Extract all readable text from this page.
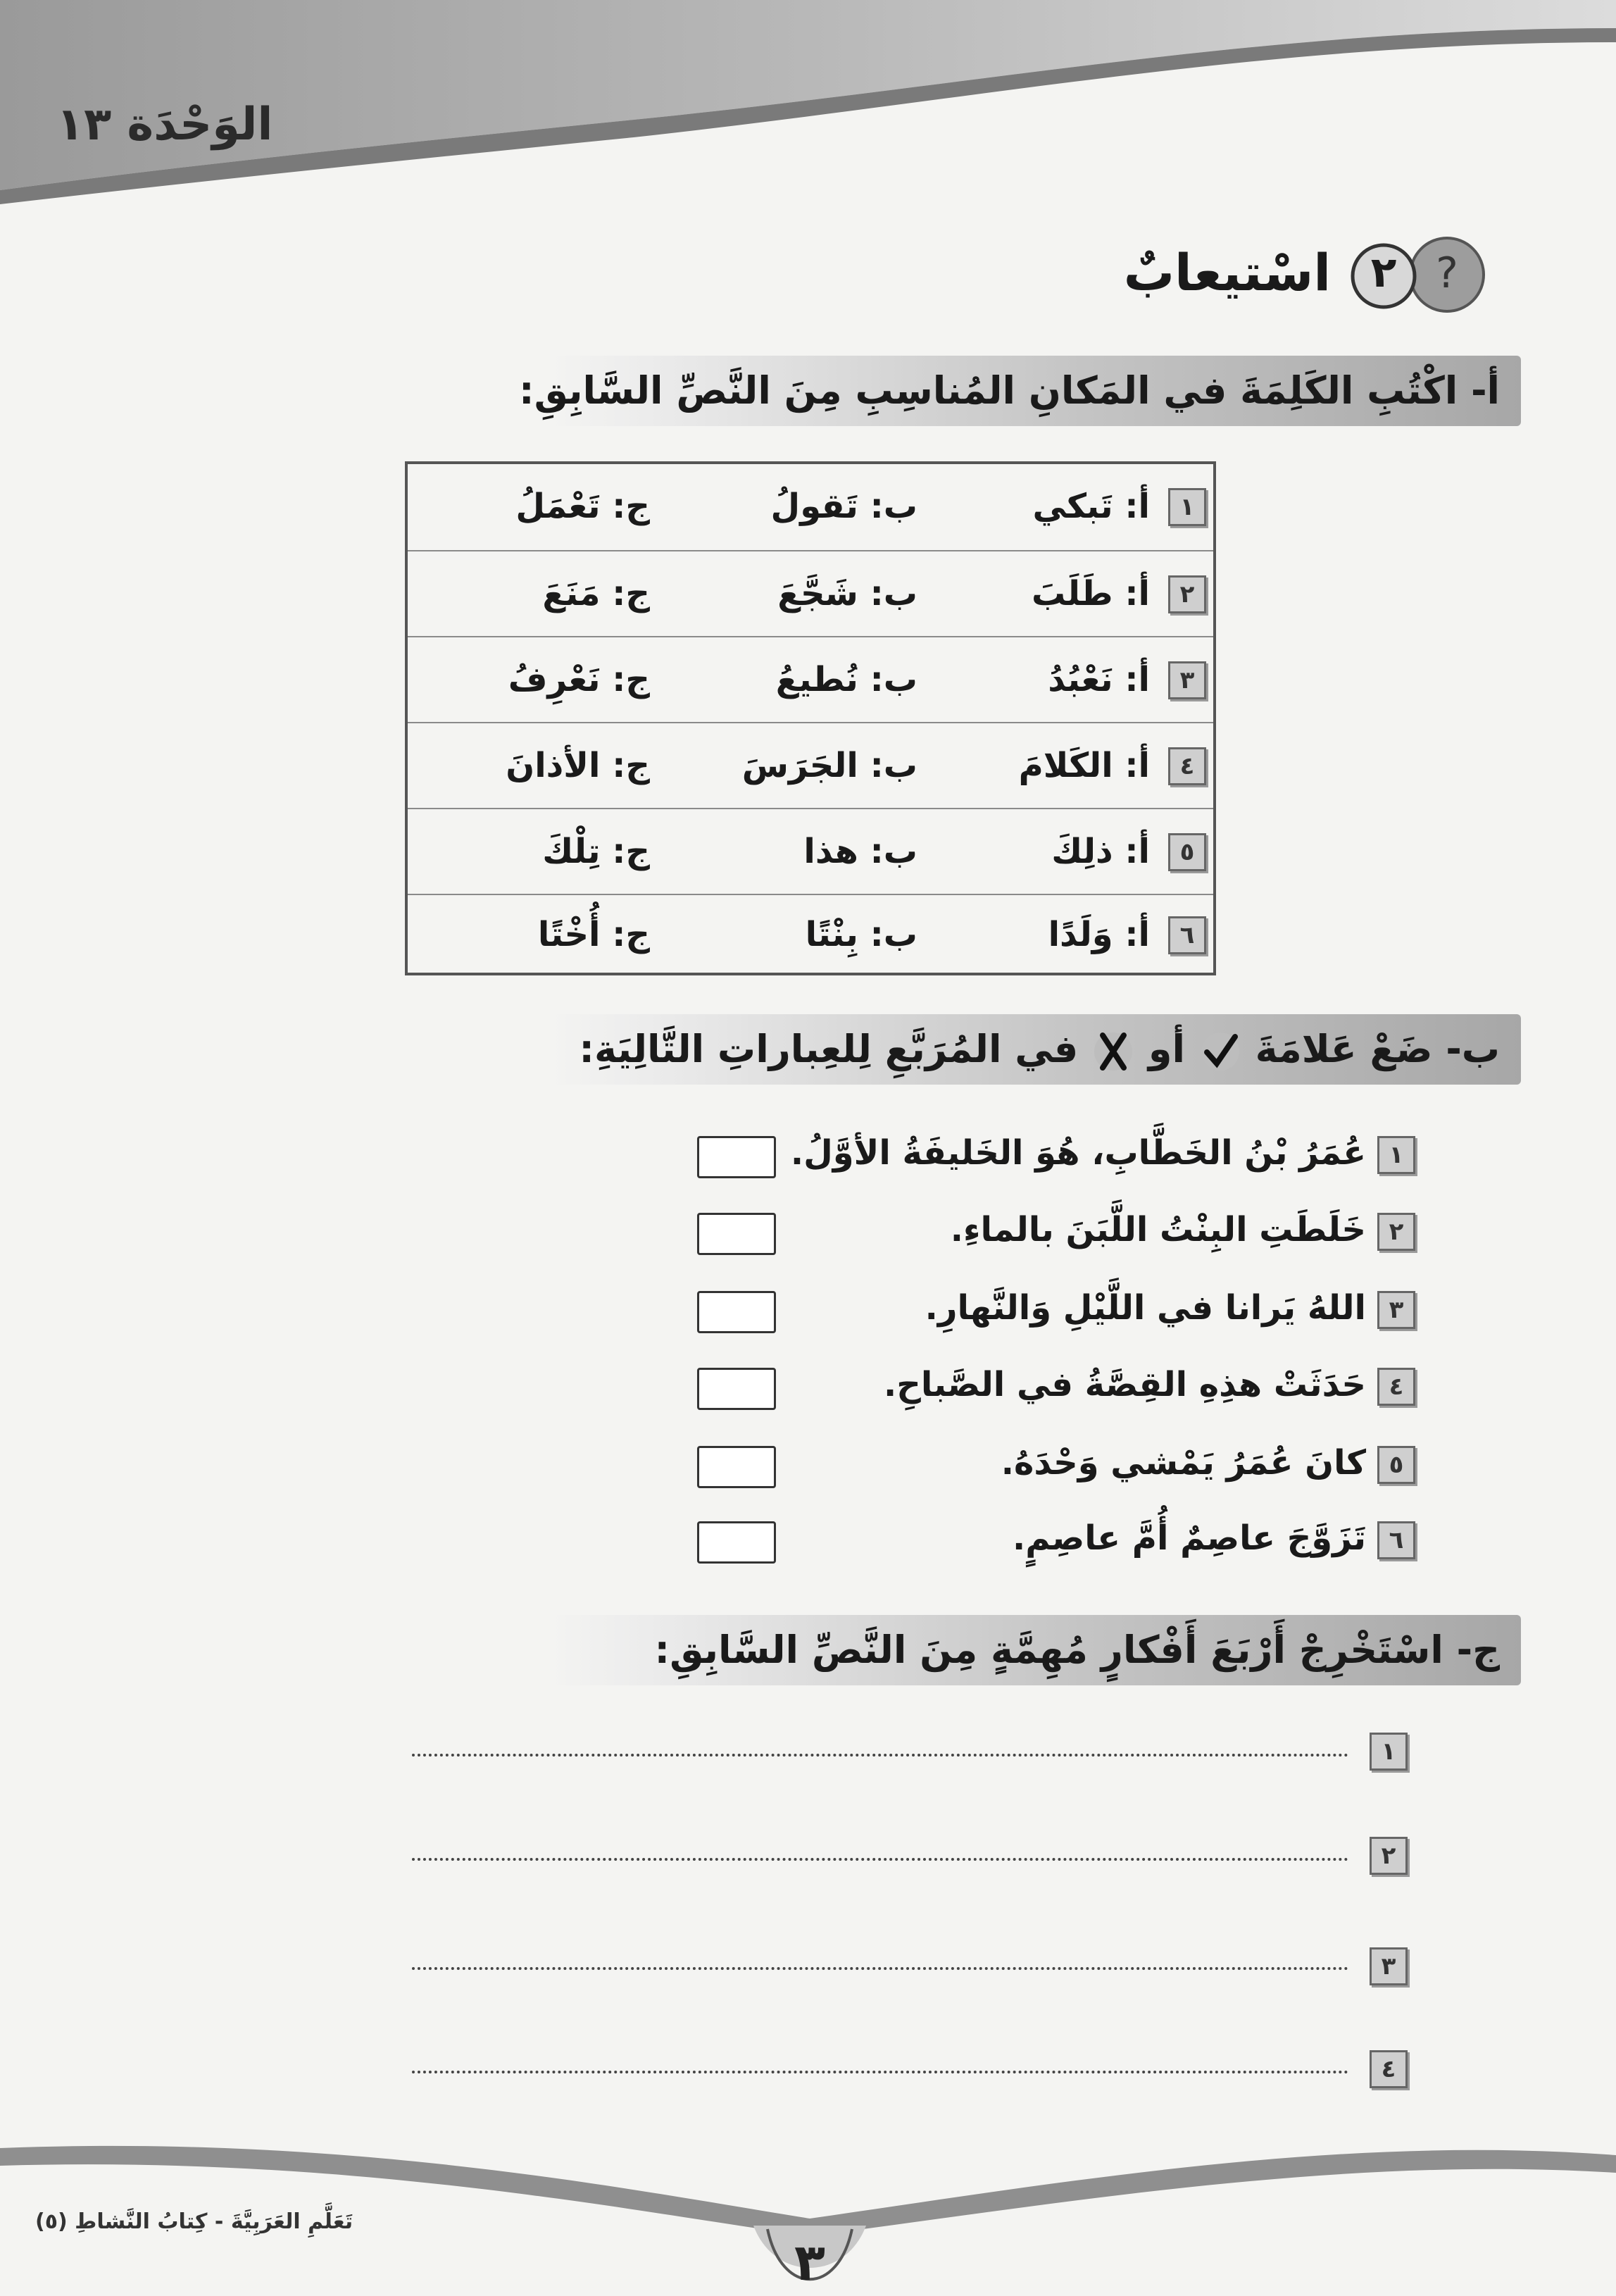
الوَحْدَة ١٣
?
٢
اسْتيعابٌ
أ- اكْتُبِ الكَلِمَةَ في المَكانِ المُناسِبِ مِنَ النَّصِّ السَّابِقِ:
١
أ: تَبكي
ب: تَقولُ
ج: تَعْمَلُ
٢
أ: طَلَبَ
ب: شَجَّعَ
ج: مَنَعَ
٣
أ: نَعْبُدُ
ب: نُطيعُ
ج: نَعْرِفُ
٤
أ: الكَلامَ
ب: الجَرَسَ
ج: الأذانَ
٥
أ: ذلِكَ
ب: هذا
ج: تِلْكَ
٦
أ: وَلَدًا
ب: بِنْتًا
ج: أُخْتًا
ب- ضَعْ عَلامَةَ  أو  في المُرَبَّعِ لِلعِباراتِ التَّالِيَةِ:
١
عُمَرُ بْنُ الخَطَّابِ، هُوَ الخَليفَةُ الأوَّلُ.
٢
خَلَطَتِ البِنْتُ اللَّبَنَ بالماءِ.
٣
اللهُ يَرانا في اللَّيْلِ وَالنَّهارِ.
٤
حَدَثَتْ هذِهِ القِصَّةُ في الصَّباحِ.
٥
كانَ عُمَرُ يَمْشي وَحْدَهُ.
٦
تَزَوَّجَ عاصِمٌ أُمَّ عاصِمٍ.
ج- اسْتَخْرِجْ أَرْبَعَ أَفْكارٍ مُهِمَّةٍ مِنَ النَّصِّ السَّابِقِ:
١
٢
٣
٤
تَعَلَّمِ العَرَبِيَّةَ - كِتابُ النَّشاطِ (٥)
٣
